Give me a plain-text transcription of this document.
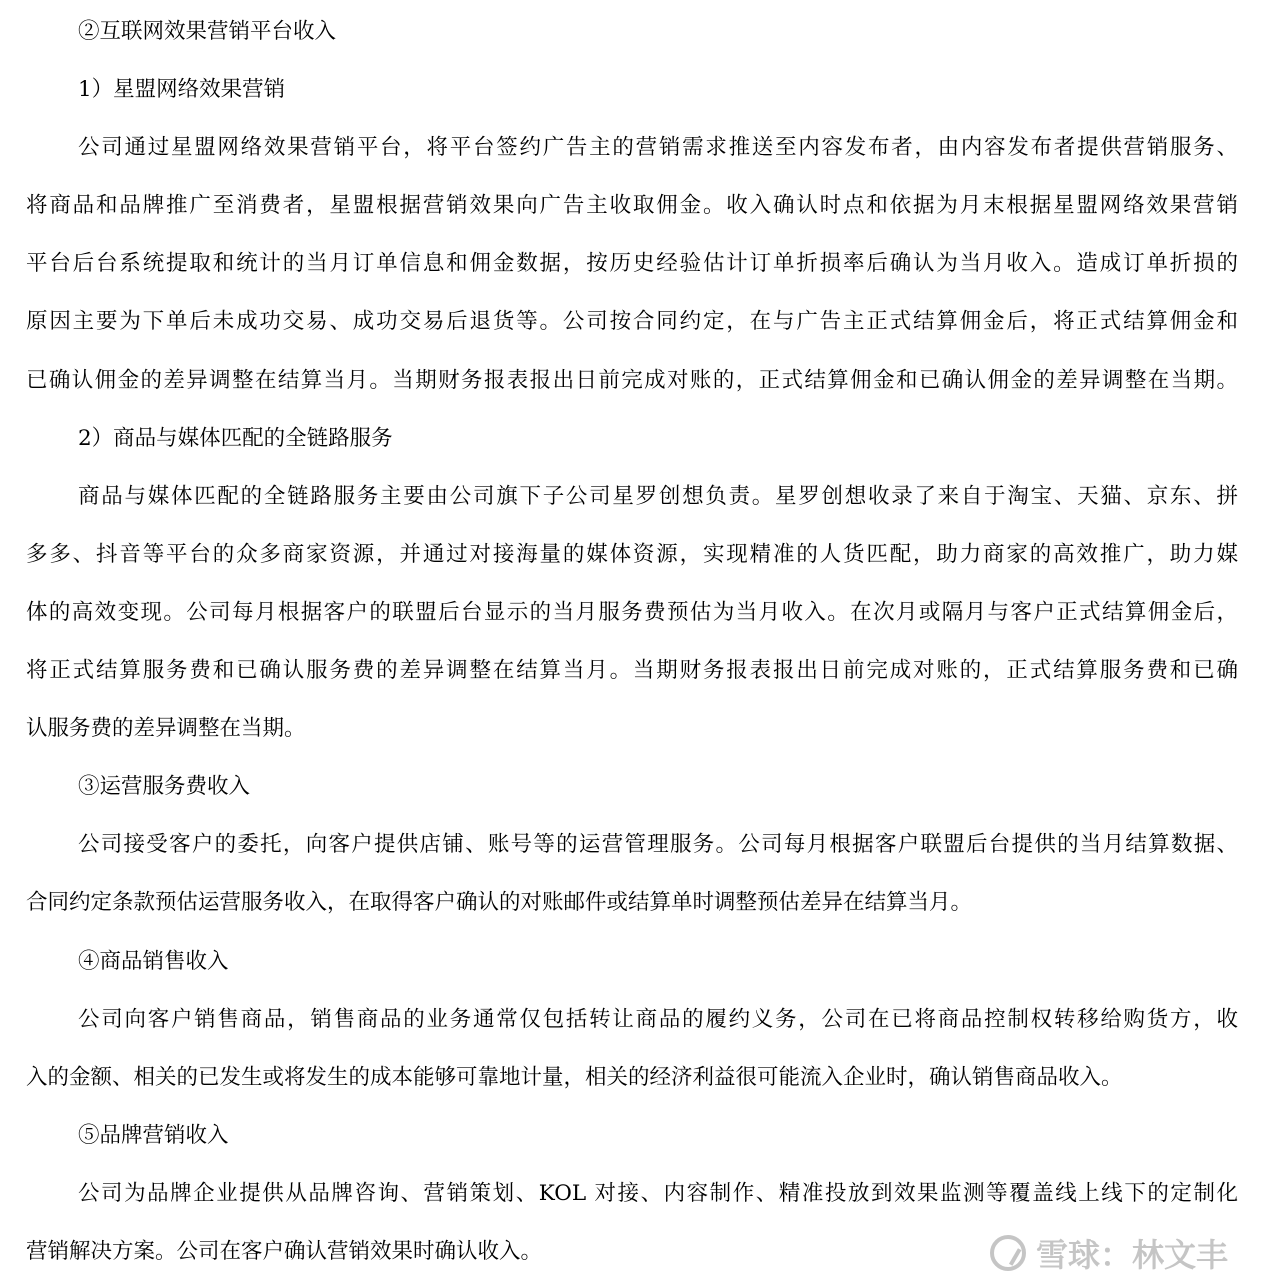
②互联网效果营销平台收入
1）星盟网络效果营销
公司通过星盟网络效果营销平台，将平台签约广告主的营销需求推送至内容发布者，由内容发布者提供营销服务、
将商品和品牌推广至消费者，星盟根据营销效果向广告主收取佣金。收入确认时点和依据为月末根据星盟网络效果营销
平台后台系统提取和统计的当月订单信息和佣金数据，按历史经验估计订单折损率后确认为当月收入。造成订单折损的
原因主要为下单后未成功交易、成功交易后退货等。公司按合同约定，在与广告主正式结算佣金后，将正式结算佣金和
已确认佣金的差异调整在结算当月。当期财务报表报出日前完成对账的，正式结算佣金和已确认佣金的差异调整在当期。
2）商品与媒体匹配的全链路服务
商品与媒体匹配的全链路服务主要由公司旗下子公司星罗创想负责。星罗创想收录了来自于淘宝、天猫、京东、拼
多多、抖音等平台的众多商家资源，并通过对接海量的媒体资源，实现精准的人货匹配，助力商家的高效推广，助力媒
体的高效变现。公司每月根据客户的联盟后台显示的当月服务费预估为当月收入。在次月或隔月与客户正式结算佣金后，
将正式结算服务费和已确认服务费的差异调整在结算当月。当期财务报表报出日前完成对账的，正式结算服务费和已确
认服务费的差异调整在当期。
③运营服务费收入
公司接受客户的委托，向客户提供店铺、账号等的运营管理服务。公司每月根据客户联盟后台提供的当月结算数据、
合同约定条款预估运营服务收入，在取得客户确认的对账邮件或结算单时调整预估差异在结算当月。
④商品销售收入
公司向客户销售商品，销售商品的业务通常仅包括转让商品的履约义务，公司在已将商品控制权转移给购货方，收
入的金额、相关的已发生或将发生的成本能够可靠地计量，相关的经济利益很可能流入企业时，确认销售商品收入。
⑤品牌营销收入
公司为品牌企业提供从品牌咨询、营销策划、KOL 对接、内容制作、精准投放到效果监测等覆盖线上线下的定制化
营销解决方案。公司在客户确认营销效果时确认收入。	雪球：林文丰
